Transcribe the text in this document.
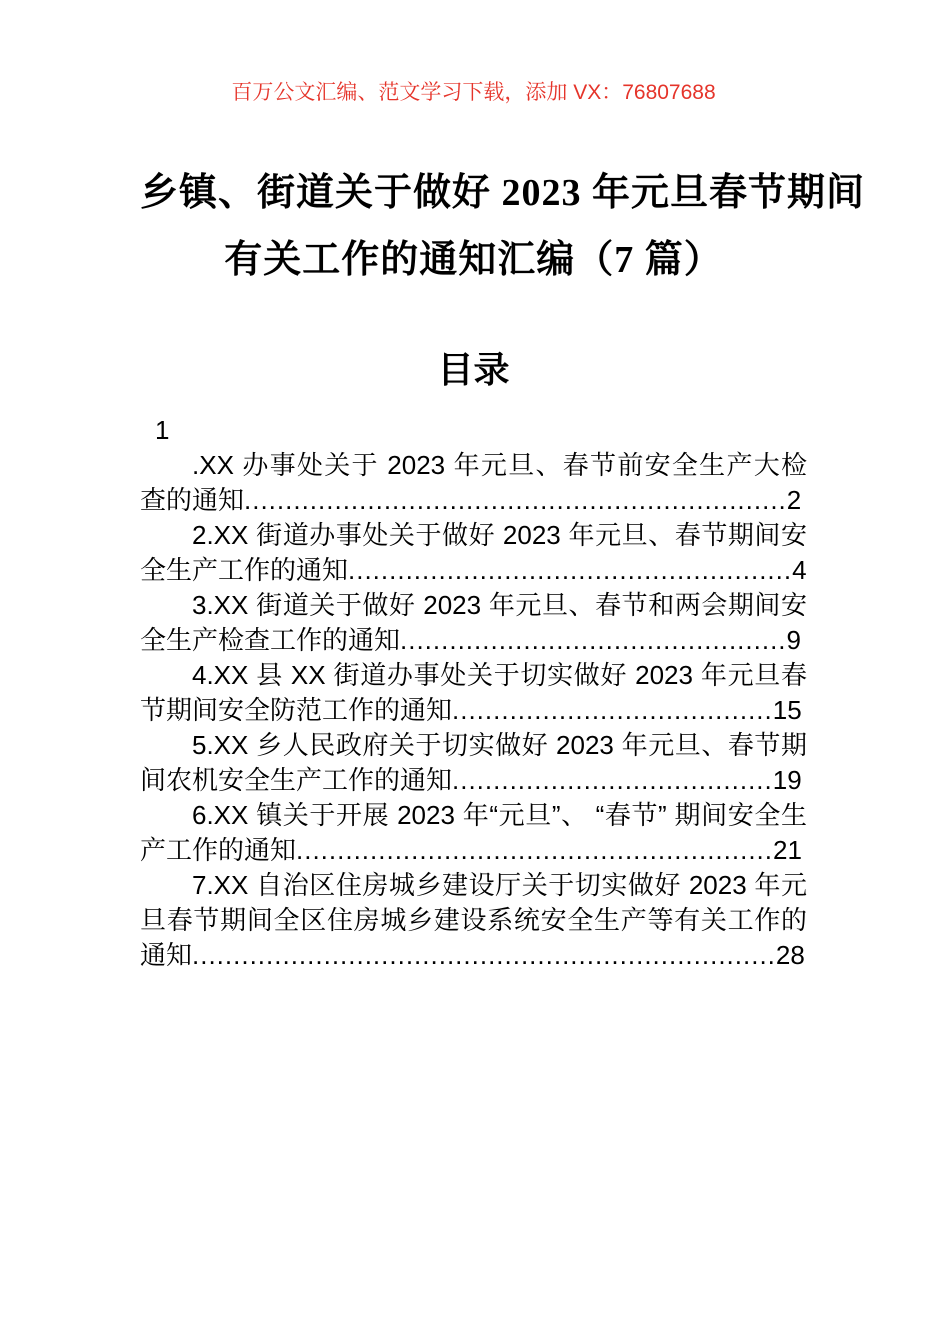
百万公文汇编、范文学习下载，添加 VX：76807688
乡镇、街道关于做好 2023 年元旦春节期间
有关工作的通知汇编（7 篇）
目录
1
.XX 办事处关于 2023 年元旦、春节前安全生产大检查的通知..................................................................2
2.XX 街道办事处关于做好 2023 年元旦、春节期间安全生产工作的通知......................................................4
3.XX 街道关于做好 2023 年元旦、春节和两会期间安全生产检查工作的通知...............................................9
4.XX 县 XX 街道办事处关于切实做好 2023 年元旦春节期间安全防范工作的通知.......................................15
5.XX 乡人民政府关于切实做好 2023 年元旦、春节期间农机安全生产工作的通知.......................................19
6.XX 镇关于开展 2023 年“元旦”、 “春节” 期间安全生产工作的通知..........................................................21
7.XX 自治区住房城乡建设厅关于切实做好 2023 年元旦春节期间全区住房城乡建设系统安全生产等有关工作的通知.......................................................................28
